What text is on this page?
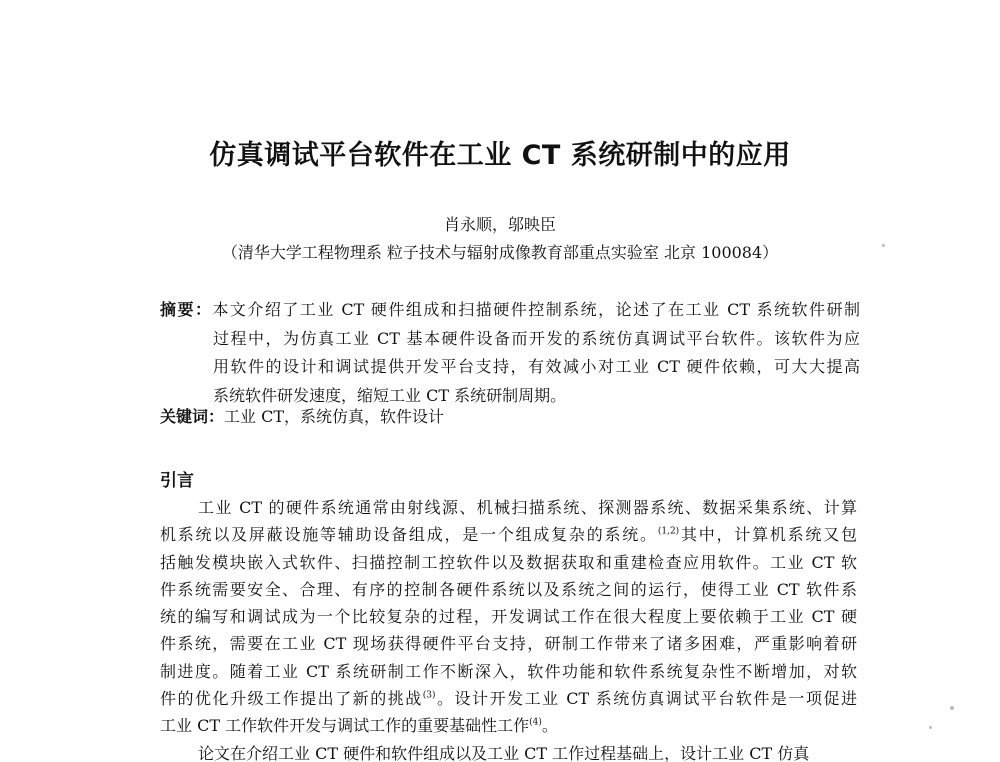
仿真调试平台软件在工业 CT 系统研制中的应用
肖永顺，邬映臣
（清华大学工程物理系 粒子技术与辐射成像教育部重点实验室 北京 100084）
摘要：本文介绍了工业 CT 硬件组成和扫描硬件控制系统，论述了在工业 CT 系统软件研制
过程中，为仿真工业 CT 基本硬件设备而开发的系统仿真调试平台软件。该软件为应
用软件的设计和调试提供开发平台支持，有效减小对工业 CT 硬件依赖，可大大提高
系统软件研发速度，缩短工业 CT 系统研制周期。
关键词：工业 CT，系统仿真，软件设计
引言
工业 CT 的硬件系统通常由射线源、机械扫描系统、探测器系统、数据采集系统、计算
机系统以及屏蔽设施等辅助设备组成，是一个组成复杂的系统。$^{(1,2)}$其中，计算机系统又包
括触发模块嵌入式软件、扫描控制工控软件以及数据获取和重建检查应用软件。工业 CT 软
件系统需要安全、合理、有序的控制各硬件系统以及系统之间的运行，使得工业 CT 软件系
统的编写和调试成为一个比较复杂的过程，开发调试工作在很大程度上要依赖于工业 CT 硬
件系统，需要在工业 CT 现场获得硬件平台支持，研制工作带来了诸多困难，严重影响着研
制进度。随着工业 CT 系统研制工作不断深入，软件功能和软件系统复杂性不断增加，对软
件的优化升级工作提出了新的挑战$^{(3)}$。设计开发工业 CT 系统仿真调试平台软件是一项促进
工业 CT 工作软件开发与调试工作的重要基础性工作$^{(4)}$。
论文在介绍工业 CT 硬件和软件组成以及工业 CT 工作过程基础上，设计工业 CT 仿真
